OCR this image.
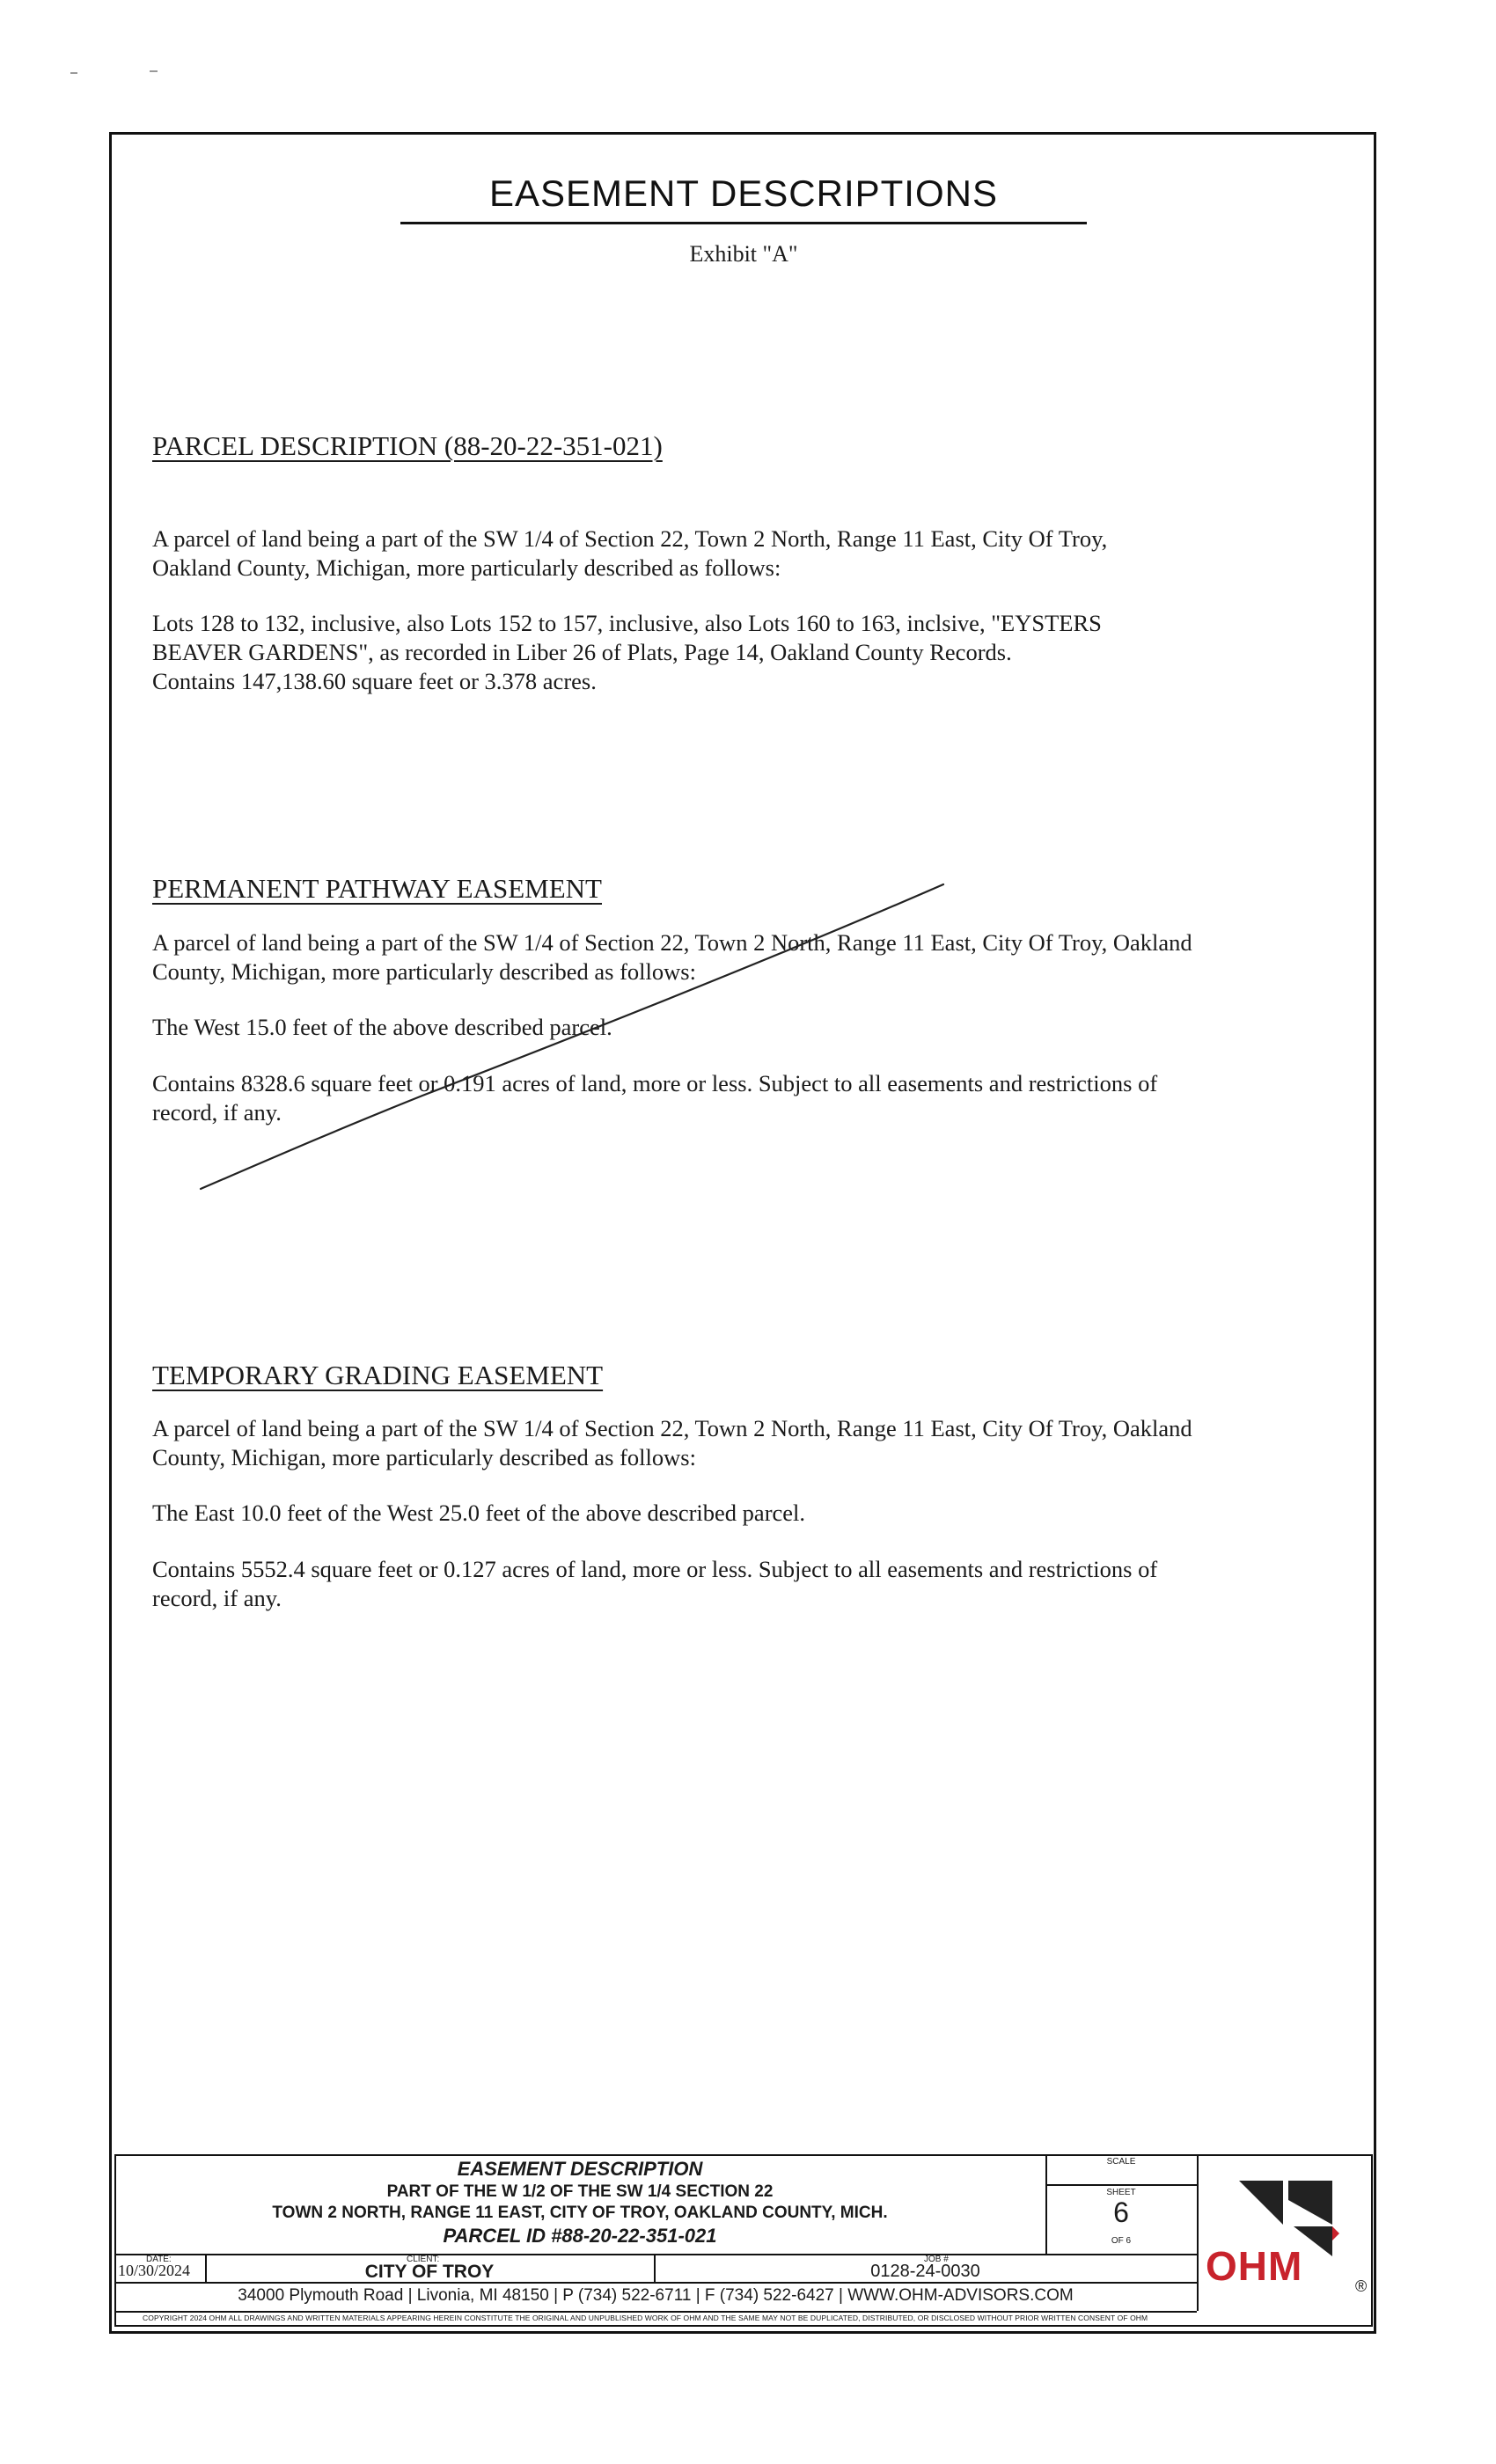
EASEMENT DESCRIPTIONS
Exhibit "A"
PARCEL DESCRIPTION (88-20-22-351-021)
A parcel of land being a part of the SW 1/4 of Section 22, Town 2 North, Range 11 East, City Of Troy,
Oakland County, Michigan, more particularly described as follows:
Lots 128 to 132, inclusive, also Lots 152 to 157, inclusive, also Lots 160 to 163, inclsive, "EYSTERS
BEAVER GARDENS", as recorded in Liber 26 of Plats, Page 14, Oakland County Records.
Contains 147,138.60 square feet or 3.378 acres.
PERMANENT PATHWAY EASEMENT
A parcel of land being a part of the SW 1/4 of Section 22, Town 2 North, Range 11 East, City Of Troy, Oakland
County, Michigan, more particularly described as follows:
The West 15.0 feet of the above described parcel.
Contains 8328.6 square feet or 0.191 acres of land, more or less. Subject to all easements and restrictions of
record, if any.
TEMPORARY GRADING EASEMENT
A parcel of land being a part of the SW 1/4 of Section 22, Town 2 North, Range 11 East, City Of Troy, Oakland
County, Michigan, more particularly described as follows:
The East 10.0 feet of the West 25.0 feet of the above described parcel.
Contains 5552.4 square feet or 0.127 acres of land, more or less. Subject to all easements and restrictions of
record, if any.
EASEMENT DESCRIPTION
PART OF THE W 1/2 OF THE SW 1/4 SECTION 22
TOWN 2 NORTH, RANGE 11 EAST, CITY OF TROY, OAKLAND COUNTY, MICH.
PARCEL ID #88-20-22-351-021
SCALE
SHEET
6
OF 6
DATE:
10/30/2024
CLIENT:
CITY OF TROY
JOB #
0128-24-0030
34000 Plymouth Road | Livonia, MI 48150 | P (734) 522-6711 | F (734) 522-6427 | WWW.OHM-ADVISORS.COM
COPYRIGHT 2024 OHM ALL DRAWINGS AND WRITTEN MATERIALS APPEARING HEREIN CONSTITUTE THE ORIGINAL AND UNPUBLISHED WORK OF OHM AND THE SAME MAY NOT BE DUPLICATED, DISTRIBUTED, OR DISCLOSED WITHOUT PRIOR WRITTEN CONSENT OF OHM
OHM	®
